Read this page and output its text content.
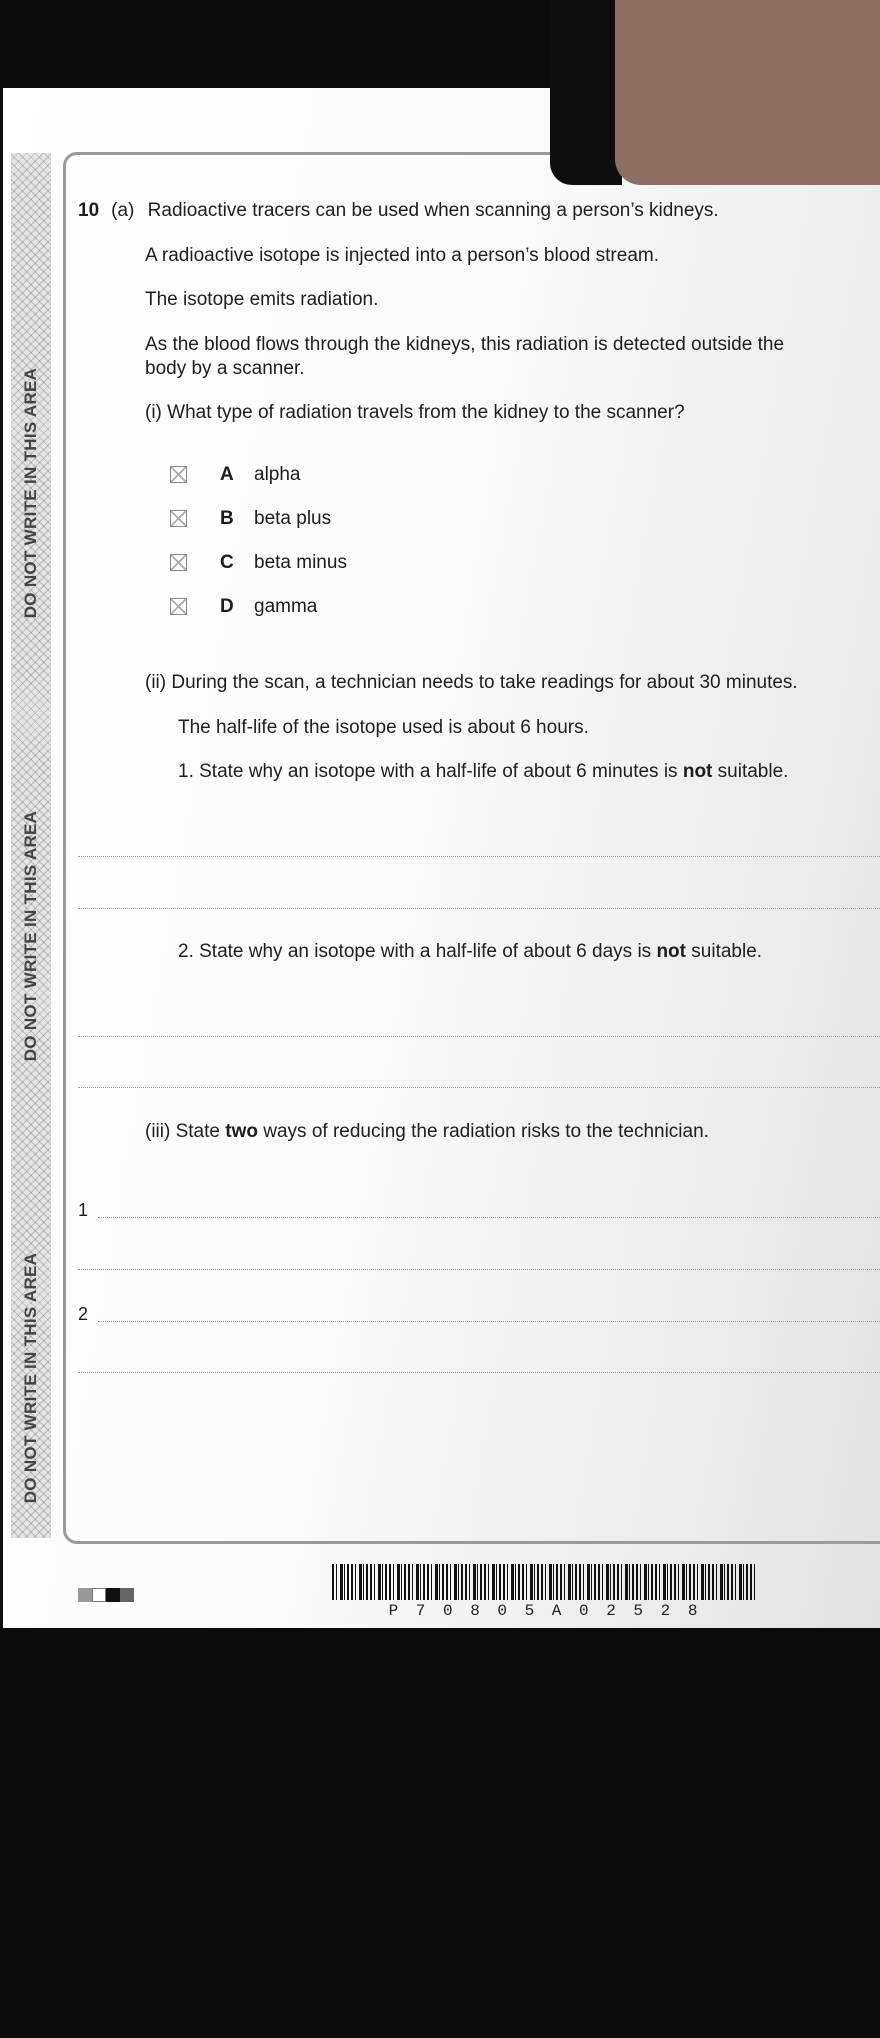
DO NOT WRITE IN THIS AREA
DO NOT WRITE IN THIS AREA
DO NOT WRITE IN THIS AREA
10 (a) Radioactive tracers can be used when scanning a person’s kidneys.
A radioactive isotope is injected into a person’s blood stream.
The isotope emits radiation.
As the blood flows through the kidneys, this radiation is detected outside the
body by a scanner.
(i) What type of radiation travels from the kidney to the scanner?
A alpha
B beta plus
C beta minus
D gamma
(ii) During the scan, a technician needs to take readings for about 30 minutes.
The half-life of the isotope used is about 6 hours.
1. State why an isotope with a half-life of about 6 minutes is not suitable.
2. State why an isotope with a half-life of about 6 days is not suitable.
(iii) State two ways of reducing the radiation risks to the technician.
1
2
P 7 0 8 0 5 A 0 2 5 2 8
